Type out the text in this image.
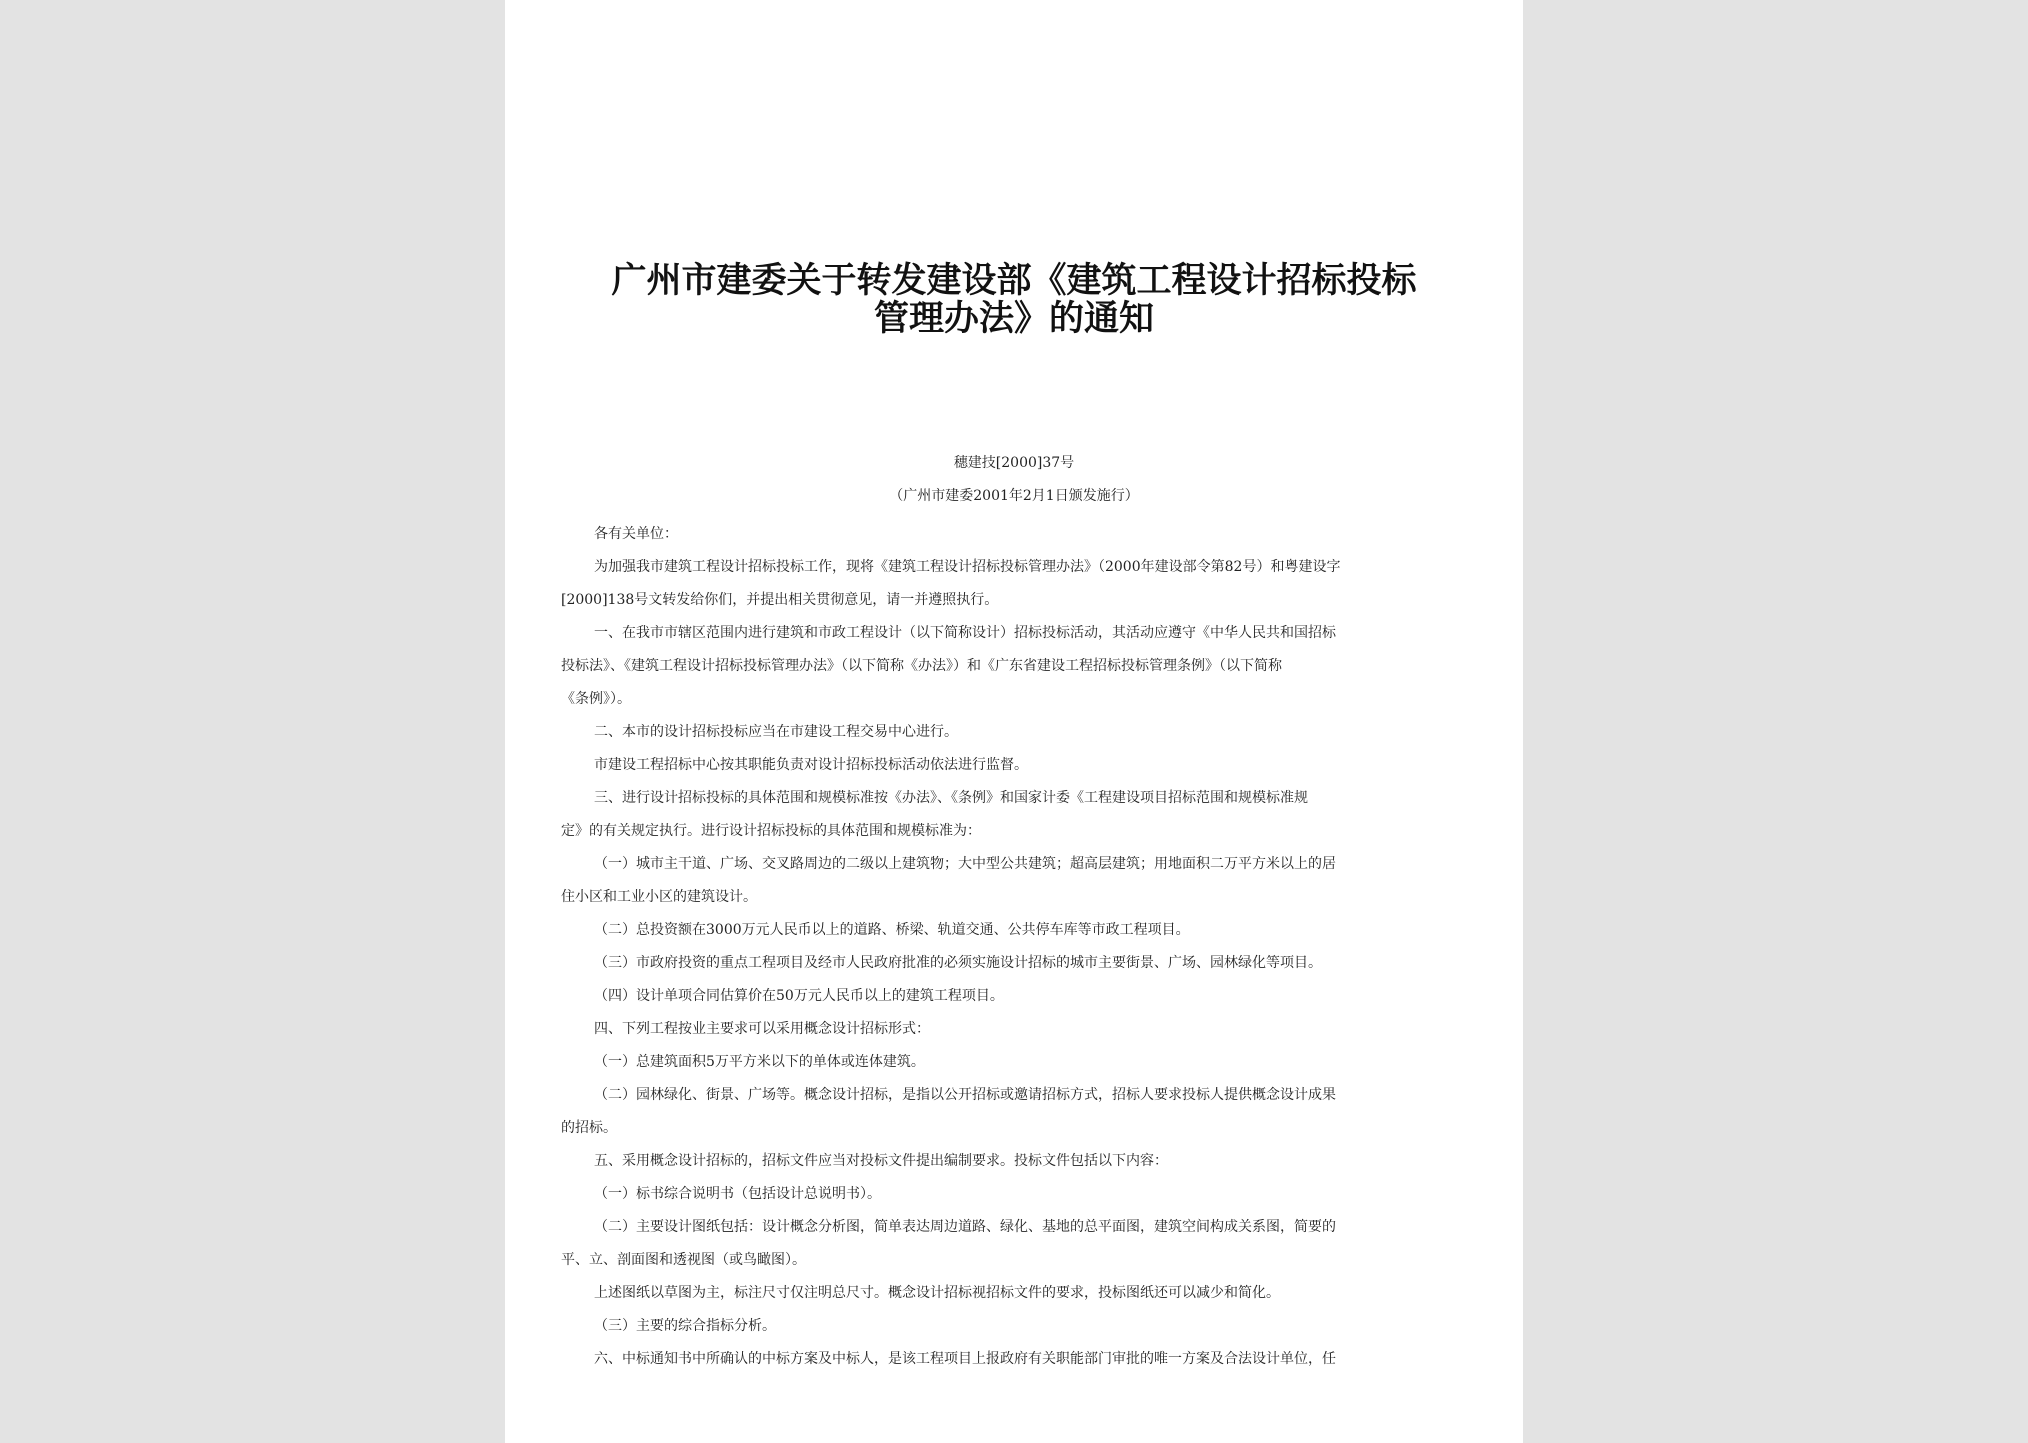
广州市建委关于转发建设部《建筑工程设计招标投标
管理办法》的通知
穗建技[2000]37号
（广州市建委2001年2月1日颁发施行）
各有关单位：
为加强我市建筑工程设计招标投标工作，现将《建筑工程设计招标投标管理办法》（2000年建设部令第82号）和粤建设字
[2000]138号文转发给你们，并提出相关贯彻意见，请一并遵照执行。
一、在我市市辖区范围内进行建筑和市政工程设计（以下简称设计）招标投标活动，其活动应遵守《中华人民共和国招标
投标法》、《建筑工程设计招标投标管理办法》（以下简称《办法》）和《广东省建设工程招标投标管理条例》（以下简称
《条例》）。
二、本市的设计招标投标应当在市建设工程交易中心进行。
市建设工程招标中心按其职能负责对设计招标投标活动依法进行监督。
三、进行设计招标投标的具体范围和规模标准按《办法》、《条例》和国家计委《工程建设项目招标范围和规模标准规
定》的有关规定执行。进行设计招标投标的具体范围和规模标准为：
（一）城市主干道、广场、交叉路周边的二级以上建筑物；大中型公共建筑；超高层建筑；用地面积二万平方米以上的居
住小区和工业小区的建筑设计。
（二）总投资额在3000万元人民币以上的道路、桥梁、轨道交通、公共停车库等市政工程项目。
（三）市政府投资的重点工程项目及经市人民政府批准的必须实施设计招标的城市主要街景、广场、园林绿化等项目。
（四）设计单项合同估算价在50万元人民币以上的建筑工程项目。
四、下列工程按业主要求可以采用概念设计招标形式：
（一）总建筑面积5万平方米以下的单体或连体建筑。
（二）园林绿化、街景、广场等。概念设计招标，是指以公开招标或邀请招标方式，招标人要求投标人提供概念设计成果
的招标。
五、采用概念设计招标的，招标文件应当对投标文件提出编制要求。投标文件包括以下内容：
（一）标书综合说明书（包括设计总说明书）。
（二）主要设计图纸包括：设计概念分析图，简单表达周边道路、绿化、基地的总平面图，建筑空间构成关系图，简要的
平、立、剖面图和透视图（或鸟瞰图）。
上述图纸以草图为主，标注尺寸仅注明总尺寸。概念设计招标视招标文件的要求，投标图纸还可以减少和简化。
（三）主要的综合指标分析。
六、中标通知书中所确认的中标方案及中标人，是该工程项目上报政府有关职能部门审批的唯一方案及合法设计单位，任
